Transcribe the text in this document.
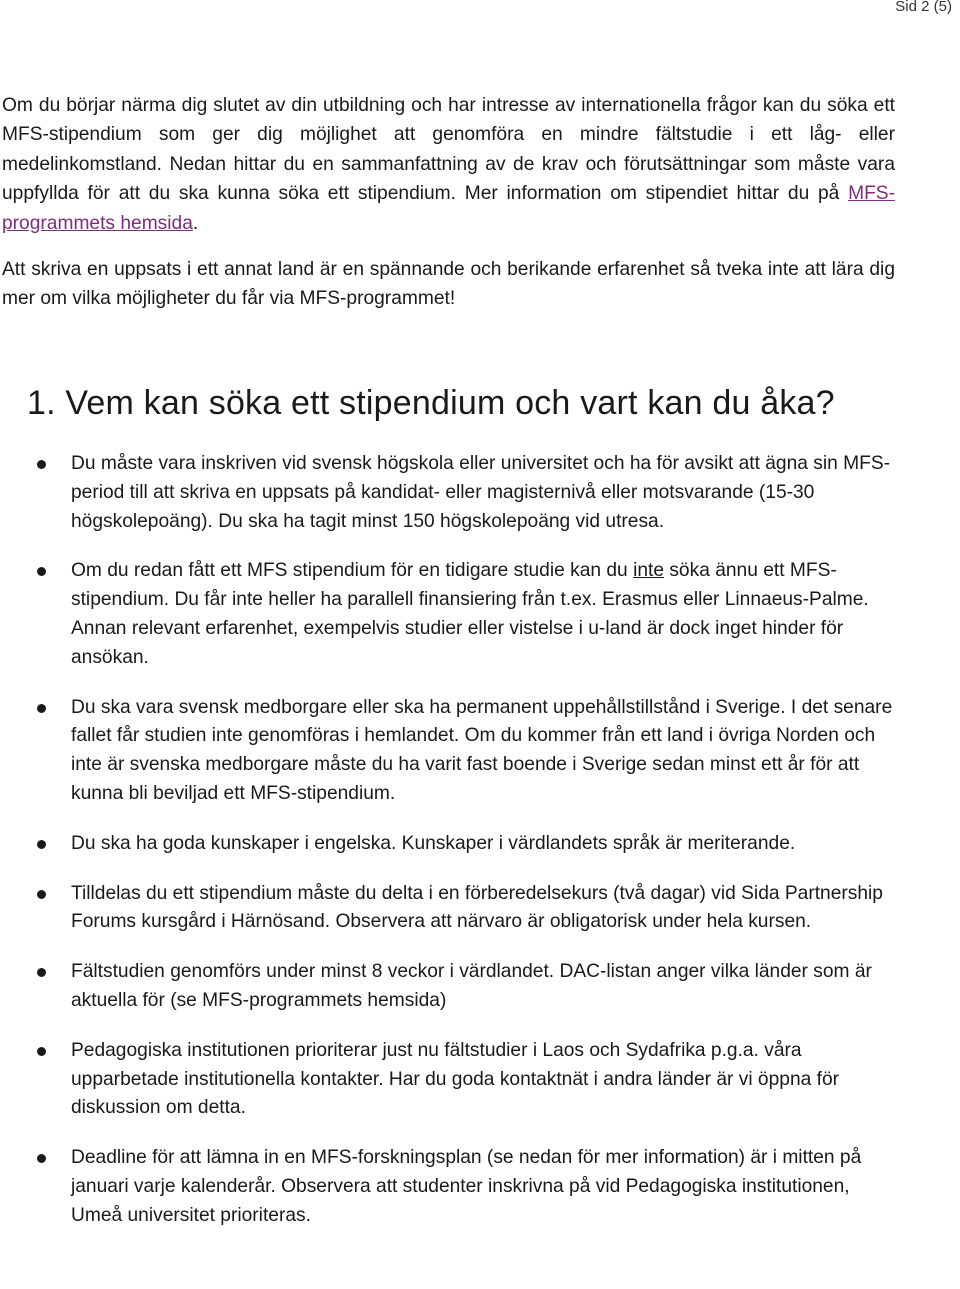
Sid 2 (5)

Om du börjar närma dig slutet av din utbildning och har intresse av internationella frågor kan du söka ett MFS-stipendium som ger dig möjlighet att genomföra en mindre fältstudie i ett låg- eller medelinkomstland. Nedan hittar du en sammanfattning av de krav och förutsättningar som måste vara uppfyllda för att du ska kunna söka ett stipendium. Mer information om stipendiet hittar du på MFS-programmets hemsida.

Att skriva en uppsats i ett annat land är en spännande och berikande erfarenhet så tveka inte att lära dig mer om vilka möjligheter du får via MFS-programmet!

1. Vem kan söka ett stipendium och vart kan du åka?
Du måste vara inskriven vid svensk högskola eller universitet och ha för avsikt att ägna sin MFS-period till att skriva en uppsats på kandidat- eller magisternivå eller motsvarande (15-30 högskolepoäng). Du ska ha tagit minst 150 högskolepoäng vid utresa.
Om du redan fått ett MFS stipendium för en tidigare studie kan du inte söka ännu ett MFS-stipendium. Du får inte heller ha parallell finansiering från t.ex. Erasmus eller Linnaeus-Palme. Annan relevant erfarenhet, exempelvis studier eller vistelse i u-land är dock inget hinder för ansökan.
Du ska vara svensk medborgare eller ska ha permanent uppehållstillstånd i Sverige. I det senare fallet får studien inte genomföras i hemlandet. Om du kommer från ett land i övriga Norden och inte är svenska medborgare måste du ha varit fast boende i Sverige sedan minst ett år för att kunna bli beviljad ett MFS-stipendium.
Du ska ha goda kunskaper i engelska. Kunskaper i värdlandets språk är meriterande.
Tilldelas du ett stipendium måste du delta i en förberedelsekurs (två dagar) vid Sida Partnership Forums kursgård i Härnösand. Observera att närvaro är obligatorisk under hela kursen.
Fältstudien genomförs under minst 8 veckor i värdlandet. DAC-listan anger vilka länder som är aktuella för (se MFS-programmets hemsida)
Pedagogiska institutionen prioriterar just nu fältstudier i Laos och Sydafrika p.g.a. våra upparbetade institutionella kontakter. Har du goda kontaktnät i andra länder är vi öppna för diskussion om detta.
Deadline för att lämna in en MFS-forskningsplan (se nedan för mer information) är i mitten på januari varje kalenderår. Observera att studenter inskrivna på vid Pedagogiska institutionen, Umeå universitet prioriteras.
